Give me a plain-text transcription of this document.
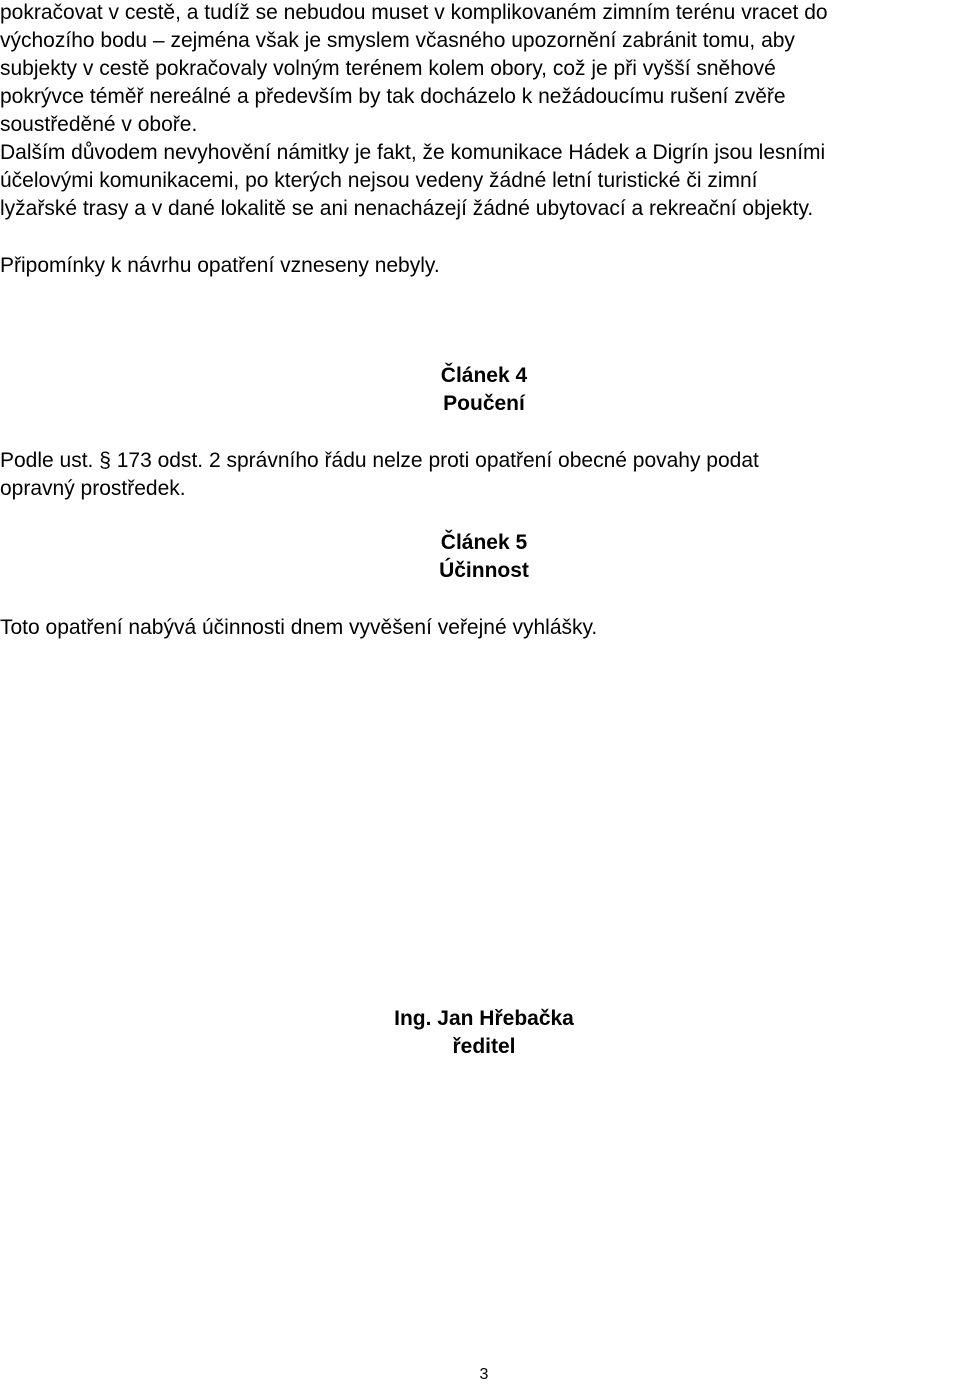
pokračovat v cestě, a tudíž se nebudou muset v komplikovaném zimním terénu vracet do
výchozího bodu – zejména však je smyslem včasného upozornění zabránit tomu, aby
subjekty v cestě pokračovaly volným terénem kolem obory, což je při vyšší sněhové
pokrývce téměř nereálné a především by tak docházelo k nežádoucímu rušení zvěře
soustředěné v oboře.

Dalším důvodem nevyhovění námitky je fakt, že komunikace Hádek a Digrín jsou lesními
účelovými komunikacemi, po kterých nejsou vedeny žádné letní turistické či zimní
lyžařské trasy a v dané lokalitě se ani nenacházejí žádné ubytovací a rekreační objekty.

Připomínky k návrhu opatření vzneseny nebyly.

Článek 4
Poučení

Podle ust. § 173 odst. 2 správního řádu nelze proti opatření obecné povahy podat
opravný prostředek.

Článek 5
Účinnost

Toto opatření nabývá účinnosti dnem vyvěšení veřejné vyhlášky.

Ing. Jan Hřebačka
ředitel
3
